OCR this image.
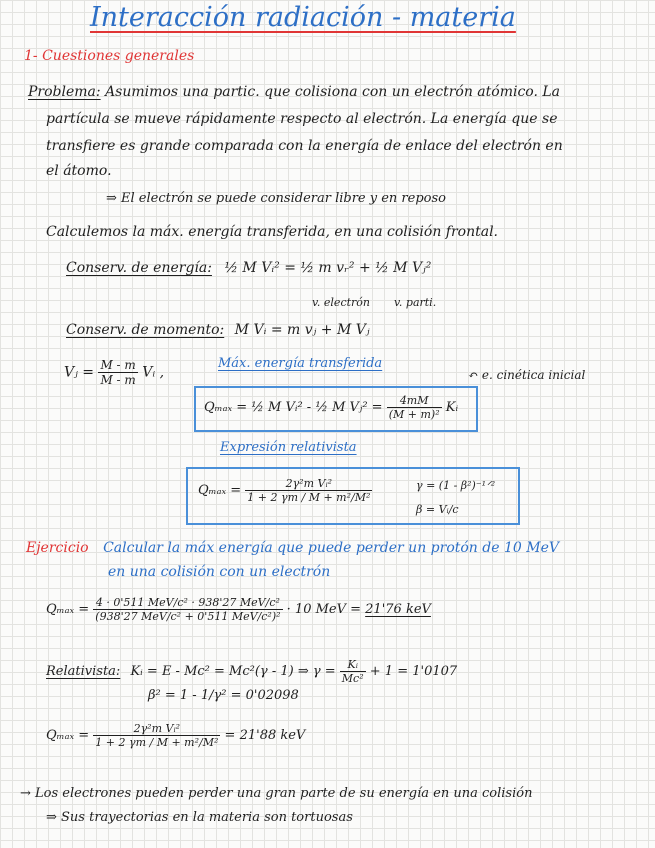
Interacción radiación - materia
1- Cuestiones generales
Problema: Asumimos una partic. que colisiona con un electrón atómico. La
partícula se mueve rápidamente respecto al electrón. La energía que se
transfiere es grande comparada con la energía de enlace del electrón en
el átomo.
⇒ El electrón se puede considerar libre y en reposo
Calculemos la máx. energía transferida, en una colisión frontal.
Conserv. de energía: ½ M Vᵢ² = ½ m vᵣ² + ½ M Vⱼ²
v. electrón v. parti.
Conserv. de momento: M Vᵢ = m vⱼ + M Vⱼ
Vⱼ = $\frac{M - m}{M - m}$ Vᵢ ,
Máx. energía transferida
↶ e. cinética inicial
Qₘₐₓ = ½ M Vᵢ² - ½ M Vⱼ² = $\frac{4mM}{\text{(M + m)²}}$ Kᵢ
Expresión relativista
$Q_{max} = \frac{\text{2γ²m Vᵢ²}}{\text{1 + 2 γm / M + m²/M²}}$	γ = (1 - β²)⁻¹ᐟ²
β = Vᵢ/c
Ejercicio Calcular la máx energía que puede perder un protón de 10 MeV
en una colisión con un electrón
$Q_{max} = \frac{\text{4 · 0'511 MeV/c² · 938'27 MeV/c²}}{\text{(938'27 MeV/c² + 0'511 MeV/c²)²}} \cdot 10$ MeV = 21'76 keV
Relativista: Kᵢ = E - Mc² = Mc²(γ - 1) ⇒ $\gamma = \frac{\text{Kᵢ}}{\text{Mc²}} + 1 = 1'0107$
β² = 1 - 1/γ² = 0'02098
$Q_{max} = \frac{\text{2γ²m Vᵢ²}}{\text{1 + 2 γm / M + m²/M²}} = 21'88$ keV
→ Los electrones pueden perder una gran parte de su energía en una colisión
⇒ Sus trayectorias en la materia son tortuosas
